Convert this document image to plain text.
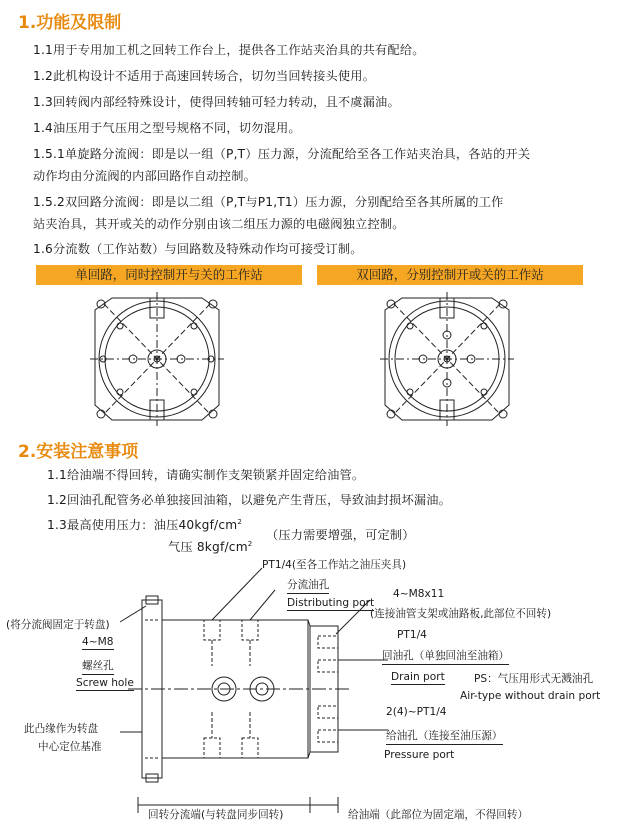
1.功能及限制
1.1用于专用加工机之回转工作台上，提供各工作站夹治具的共有配给。
1.2此机构设计不适用于高速回转场合，切勿当回转接头使用。
1.3回转阀内部经特殊设计，使得回转轴可轻力转动，且不虞漏油。
1.4油压用于气压用之型号规格不同，切勿混用。
1.5.1单旋路分流阀：即是以一组（P,T）压力源，分流配给至各工作站夹治具，各站的开关
动作均由分流阀的内部回路作自动控制。
1.5.2双回路分流阀：即是以二组（P,T与P1,T1）压力源，分别配给至各其所属的工作
站夹治具，其开或关的动作分别由该二组压力源的电磁阀独立控制。
1.6分流数（工作站数）与回路数及特殊动作均可接受订制。
单回路，同时控制开与关的工作站	双回路，分别控制开或关的工作站
2.安装注意事项
1.1给油端不得回转，请确实制作支架锁紧并固定给油管。
1.2回油孔配管务必单独接回油箱，以避免产生背压，导致油封损坏漏油。
1.3最高使用压力：油压$40kgf/cm^2$
气压 $8kgf/cm^2$
（压力需要增强，可定制）
PT1/4(至各工作站之油压夹具)
分流油孔
Distributing port
4~M8x11
(连接油管支架或油路板,此部位不回转)
(将分流阀固定于转盘)
4~M8
螺丝孔
Screw hole
PT1/4
回油孔（单独回油至油箱）
Drain port	PS：气压用形式无溅油孔
Air-type without drain port
2(4)~PT1/4
给油孔（连接至油压源）
Pressure port
此凸缘作为转盘
中心定位基准
回转分流端(与转盘同步回转)	给油端（此部位为固定端，不得回转）
